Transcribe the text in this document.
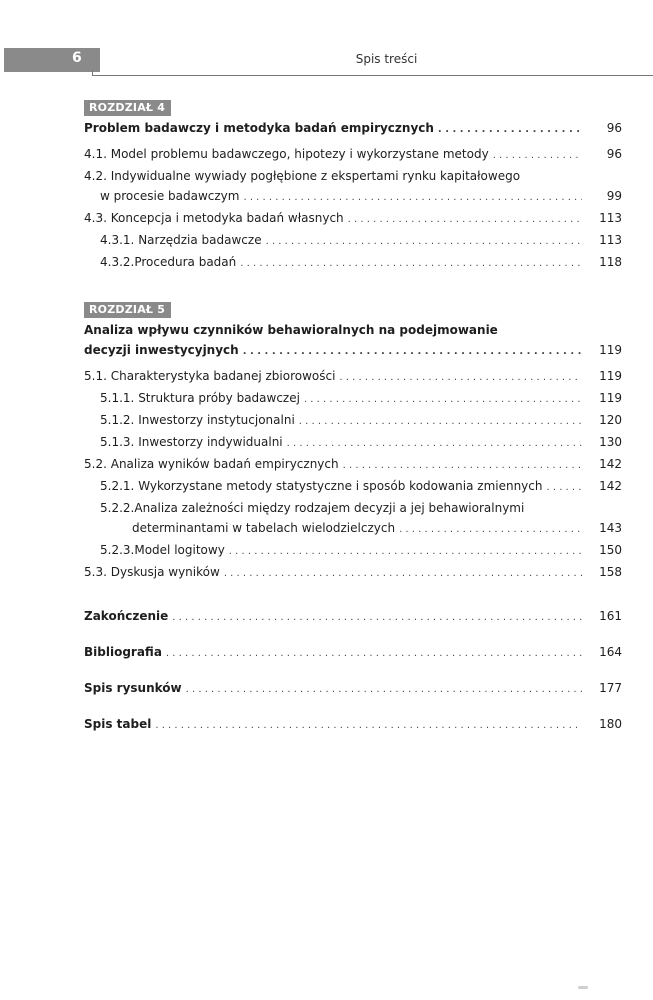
6	Spis treści
ROZDZIAŁ 4
Problem badawczy i metodyka badań empirycznych . . .	96
4.1. Model problemu badawczego, hipotezy i wykorzystane metody . . .	96
4.2. Indywidualne wywiady pogłębione z ekspertami rynku kapitałowego
w procesie badawczym . . .	99
4.3. Koncepcja i metodyka badań własnych . . .	113
4.3.1. Narzędzia badawcze . . .	113
4.3.2.Procedura badań . . .	118
ROZDZIAŁ 5
Analiza wpływu czynników behawioralnych na podejmowanie
decyzji inwestycyjnych . . .	119
5.1. Charakterystyka badanej zbiorowości . . .	119
5.1.1. Struktura próby badawczej . . .	119
5.1.2. Inwestorzy instytucjonalni . . .	120
5.1.3. Inwestorzy indywidualni . . .	130
5.2. Analiza wyników badań empirycznych . . .	142
5.2.1. Wykorzystane metody statystyczne i sposób kodowania zmiennych . . .	142
5.2.2.Analiza zależności między rodzajem decyzji a jej behawioralnymi
determinantami w tabelach wielodzielczych . . .	143
5.2.3.Model logitowy . . .	150
5.3. Dyskusja wyników . . .	158
Zakończenie . . .	161
Bibliografia . . .	164
Spis rysunków . . .	177
Spis tabel . . .	180
